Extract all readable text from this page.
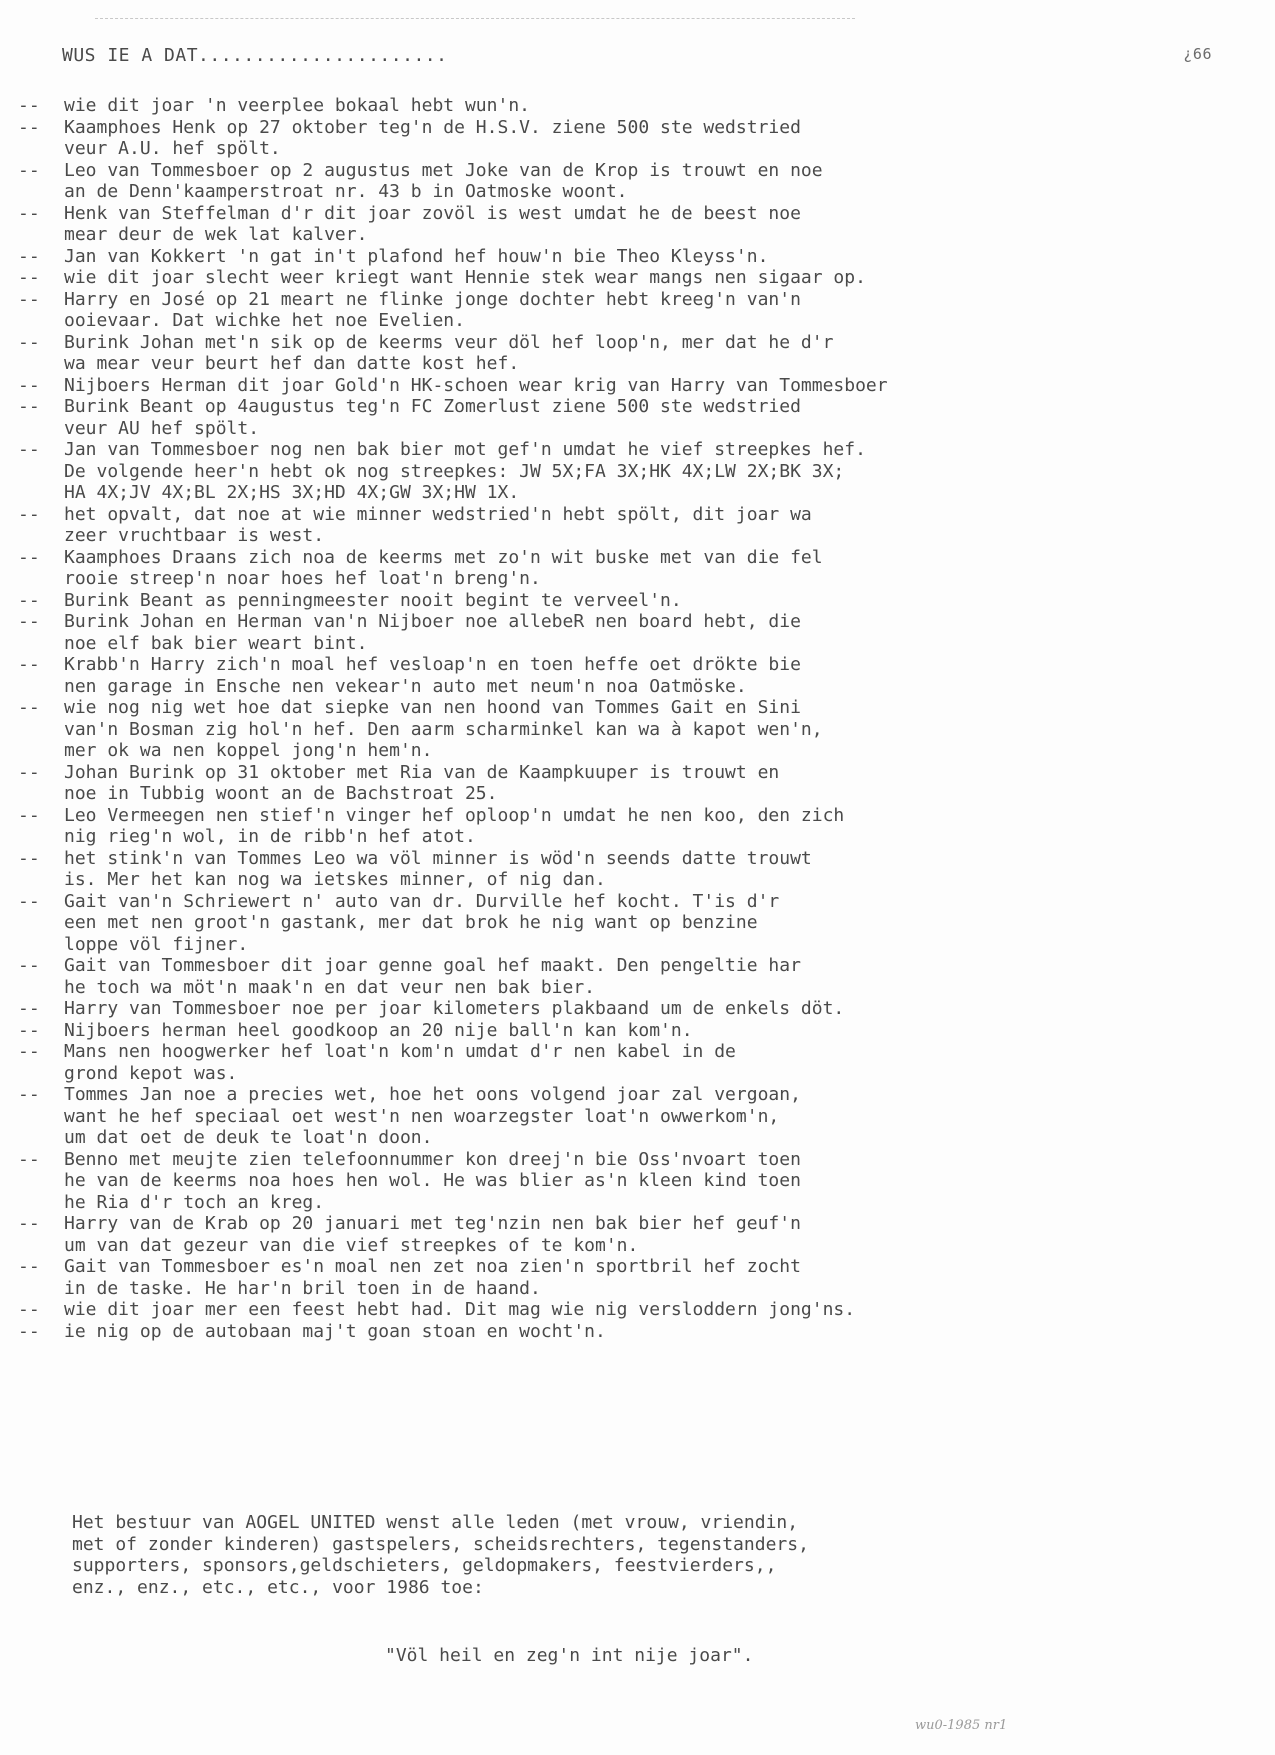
WUS IE A DAT......................	¿66
-- wie dit joar 'n veerplee bokaal hebt wun'n.
-- Kaamphoes Henk op 27 oktober teg'n de H.S.V. ziene 500 ste wedstried
veur A.U. hef spölt.
-- Leo van Tommesboer op 2 augustus met Joke van de Krop is trouwt en noe
an de Denn'kaamperstroat nr. 43 b in Oatmoske woont.
-- Henk van Steffelman d'r dit joar zovöl is west umdat he de beest noe
mear deur de wek lat kalver.
-- Jan van Kokkert 'n gat in't plafond hef houw'n bie Theo Kleyss'n.
-- wie dit joar slecht weer kriegt want Hennie stek wear mangs nen sigaar op.
-- Harry en José op 21 meart ne flinke jonge dochter hebt kreeg'n van'n
ooievaar. Dat wichke het noe Evelien.
-- Burink Johan met'n sik op de keerms veur döl hef loop'n, mer dat he d'r
wa mear veur beurt hef dan datte kost hef.
-- Nijboers Herman dit joar Gold'n HK-schoen wear krig van Harry van Tommesboer
-- Burink Beant op 4augustus teg'n FC Zomerlust ziene 500 ste wedstried
veur AU hef spölt.
-- Jan van Tommesboer nog nen bak bier mot gef'n umdat he vief streepkes hef.
De volgende heer'n hebt ok nog streepkes: JW 5X;FA 3X;HK 4X;LW 2X;BK 3X;
HA 4X;JV 4X;BL 2X;HS 3X;HD 4X;GW 3X;HW 1X.
-- het opvalt, dat noe at wie minner wedstried'n hebt spölt, dit joar wa
zeer vruchtbaar is west.
-- Kaamphoes Draans zich noa de keerms met zo'n wit buske met van die fel
rooie streep'n noar hoes hef loat'n breng'n.
-- Burink Beant as penningmeester nooit begint te verveel'n.
-- Burink Johan en Herman van'n Nijboer noe allebeR nen board hebt, die
noe elf bak bier weart bint.
-- Krabb'n Harry zich'n moal hef vesloap'n en toen heffe oet drökte bie
nen garage in Ensche nen vekear'n auto met neum'n noa Oatmöske.
-- wie nog nig wet hoe dat siepke van nen hoond van Tommes Gait en Sini
van'n Bosman zig hol'n hef. Den aarm scharminkel kan wa à kapot wen'n,
mer ok wa nen koppel jong'n hem'n.
-- Johan Burink op 31 oktober met Ria van de Kaampkuuper is trouwt en
noe in Tubbig woont an de Bachstroat 25.
-- Leo Vermeegen nen stief'n vinger hef oploop'n umdat he nen koo, den zich
nig rieg'n wol, in de ribb'n hef atot.
-- het stink'n van Tommes Leo wa völ minner is wöd'n seends datte trouwt
is. Mer het kan nog wa ietskes minner, of nig dan.
-- Gait van'n Schriewert n' auto van dr. Durville hef kocht. T'is d'r
een met nen groot'n gastank, mer dat brok he nig want op benzine
loppe völ fijner.
-- Gait van Tommesboer dit joar genne goal hef maakt. Den pengeltie har
he toch wa möt'n maak'n en dat veur nen bak bier.
-- Harry van Tommesboer noe per joar kilometers plakbaand um de enkels döt.
-- Nijboers herman heel goodkoop an 20 nije ball'n kan kom'n.
-- Mans nen hoogwerker hef loat'n kom'n umdat d'r nen kabel in de
grond kepot was.
-- Tommes Jan noe a precies wet, hoe het oons volgend joar zal vergoan,
want he hef speciaal oet west'n nen woarzegster loat'n owwerkom'n,
um dat oet de deuk te loat'n doon.
-- Benno met meujte zien telefoonnummer kon dreej'n bie Oss'nvoart toen
he van de keerms noa hoes hen wol. He was blier as'n kleen kind toen
he Ria d'r toch an kreg.
-- Harry van de Krab op 20 januari met teg'nzin nen bak bier hef geuf'n
um van dat gezeur van die vief streepkes of te kom'n.
-- Gait van Tommesboer es'n moal nen zet noa zien'n sportbril hef zocht
in de taske. He har'n bril toen in de haand.
-- wie dit joar mer een feest hebt had. Dit mag wie nig versloddern jong'ns.
-- ie nig op de autobaan maj't goan stoan en wocht'n.
Het bestuur van AOGEL UNITED wenst alle leden (met vrouw, vriendin,
met of zonder kinderen) gastspelers, scheidsrechters, tegenstanders,
supporters, sponsors,geldschieters, geldopmakers, feestvierders,,
enz., enz., etc., etc., voor 1986 toe:
"Völ heil en zeg'n int nije joar".
wu0-1985 nr1
